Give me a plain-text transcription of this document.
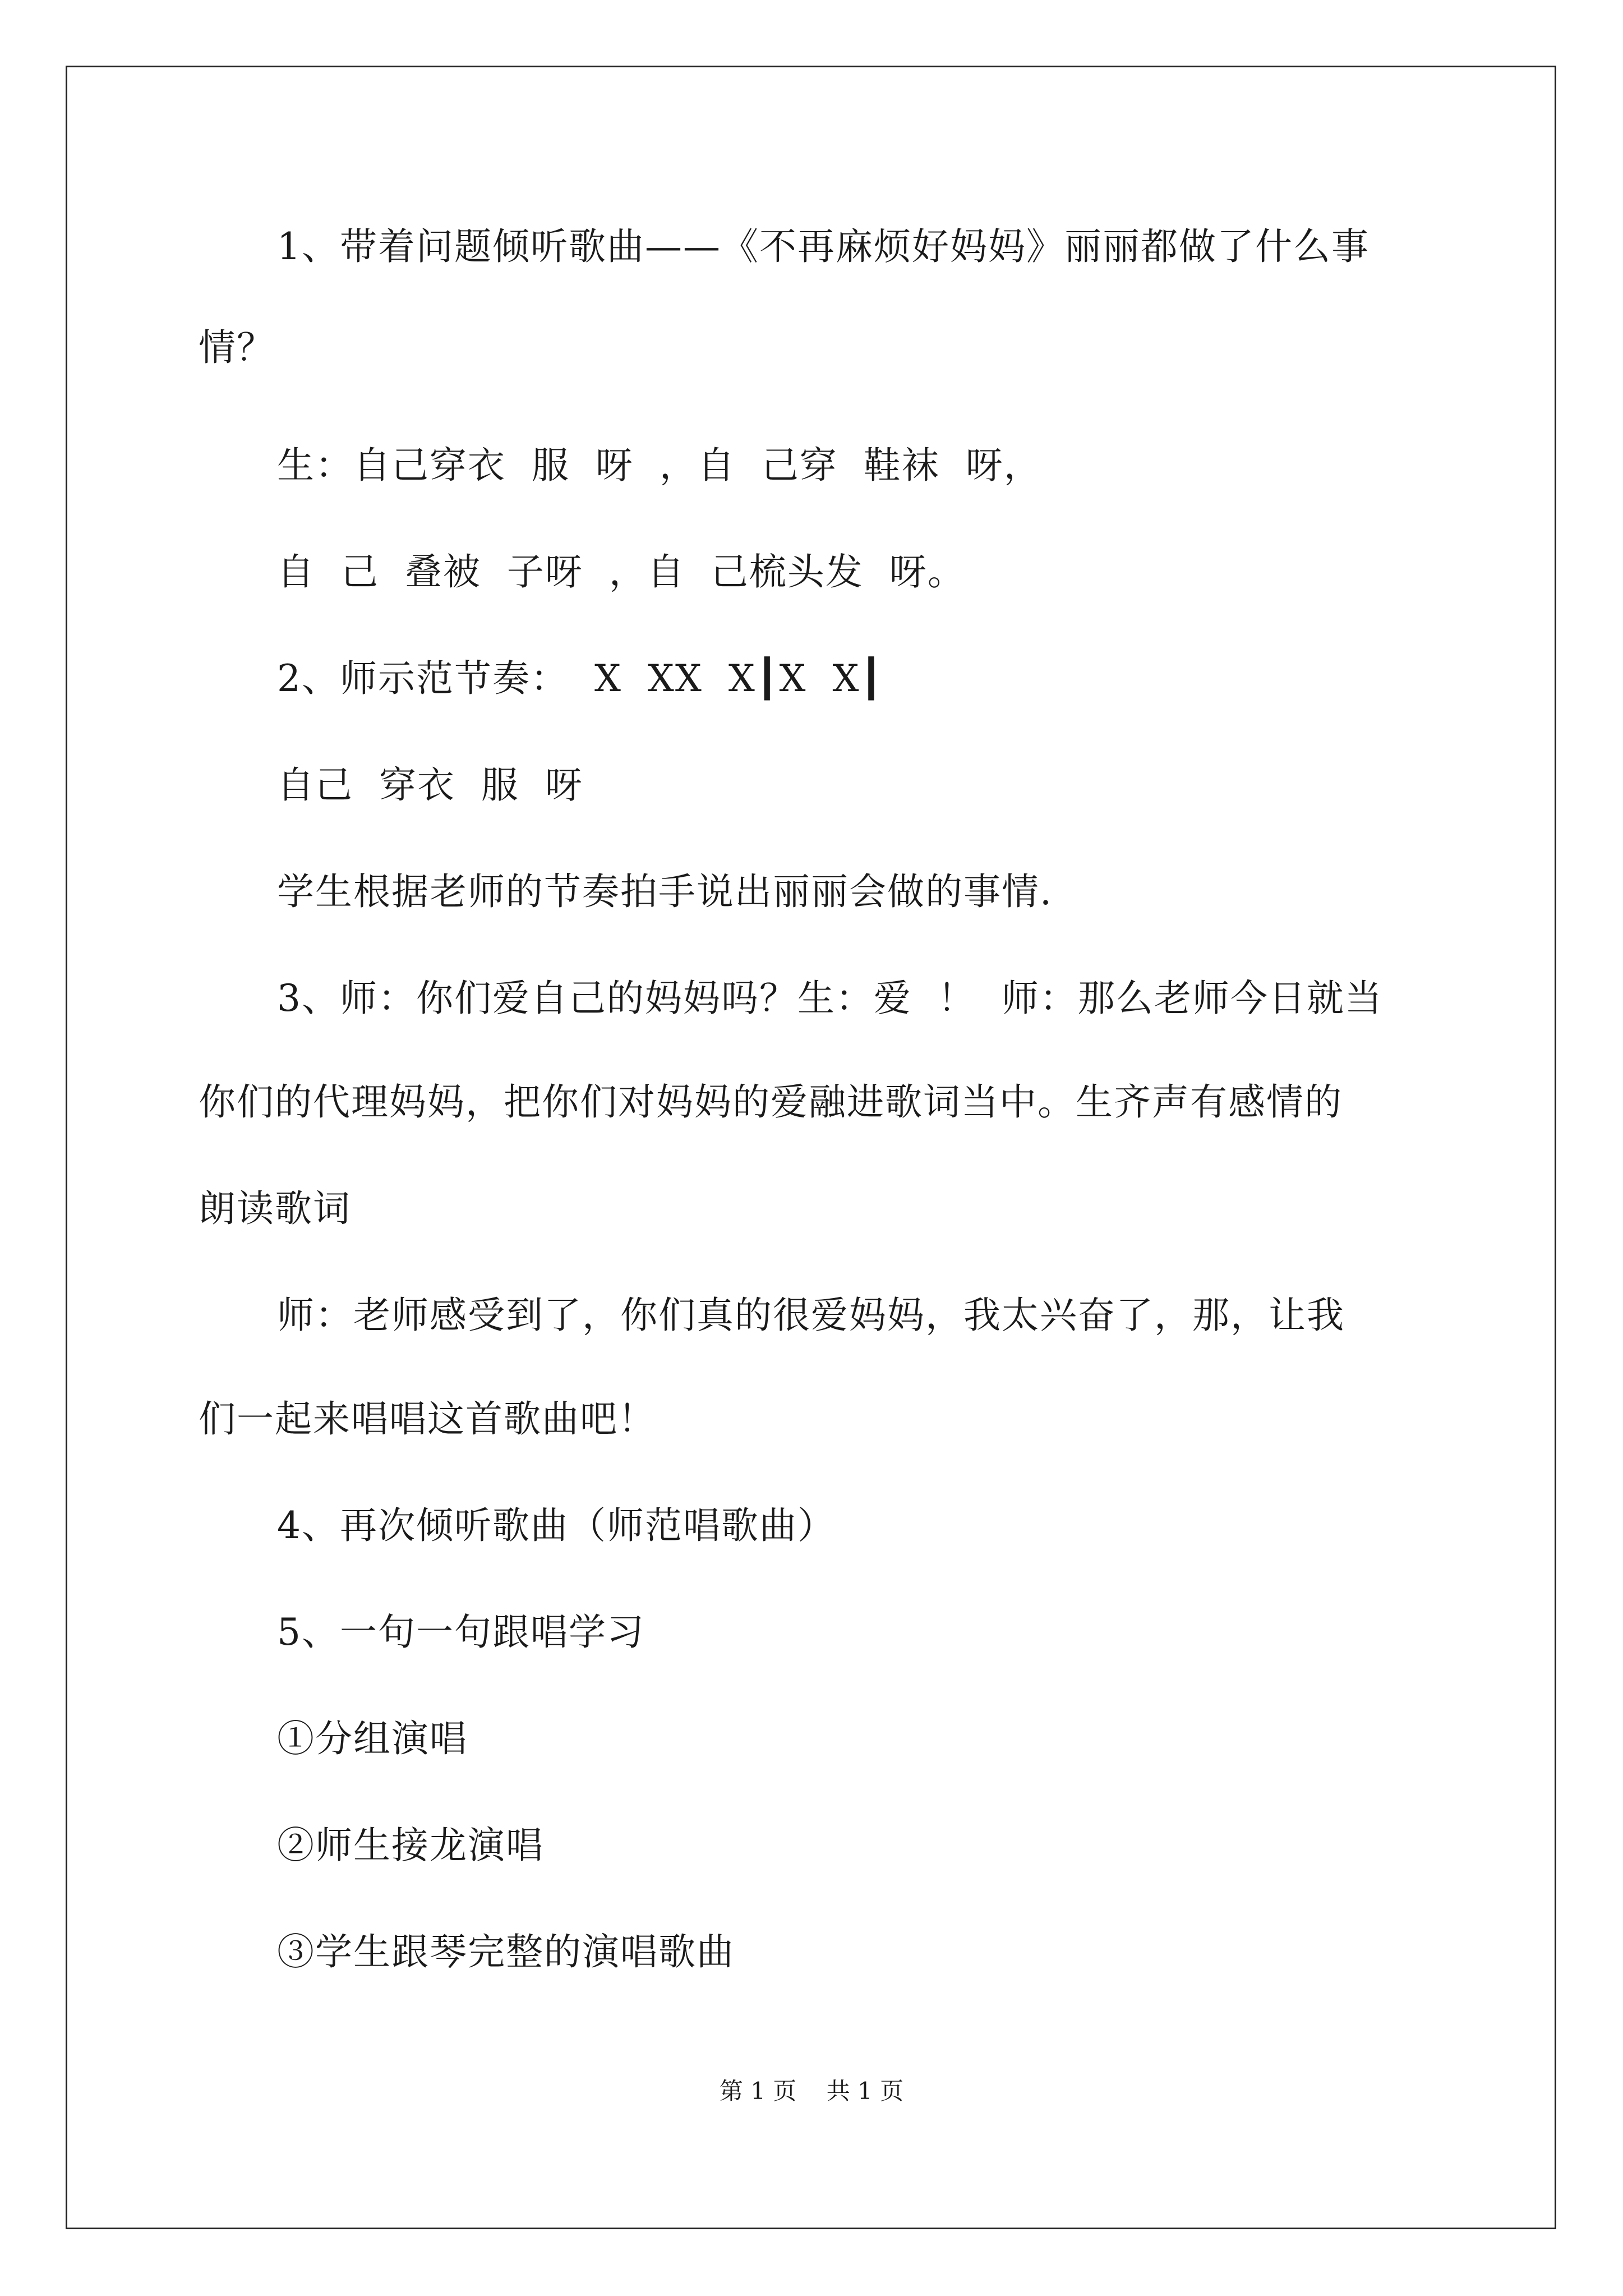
1、带着问题倾听歌曲——《不再麻烦好妈妈》丽丽都做了什么事
情？
生：自己穿衣  服  呀  ，自  己穿  鞋袜  呀，
自  己  叠被  子呀  ，自  己梳头发  呀。
2、师示范节奏：  X  XX  X┃X  X┃
自己  穿衣  服  呀
学生根据老师的节奏拍手说出丽丽会做的事情.
3、师：你们爱自己的妈妈吗？生：爱  ！  师：那么老师今日就当
你们的代理妈妈，把你们对妈妈的爱融进歌词当中。生齐声有感情的
朗读歌词
师：老师感受到了，你们真的很爱妈妈，我太兴奋了，那，让我
们一起来唱唱这首歌曲吧！
4、再次倾听歌曲（师范唱歌曲）
5、一句一句跟唱学习
①分组演唱
②师生接龙演唱
③学生跟琴完整的演唱歌曲
第 1 页    共 1 页
